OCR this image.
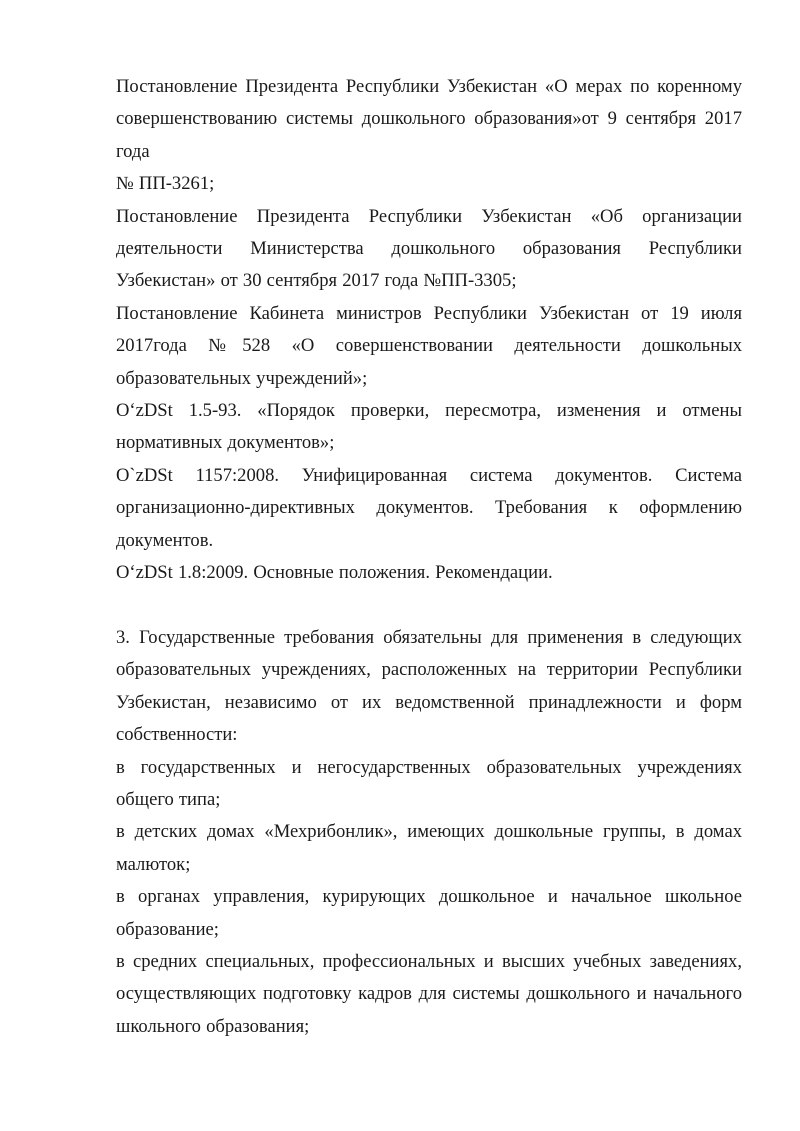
Постановление Президента Республики Узбекистан «О мерах по коренному совершенствованию системы дошкольного образования»от 9 сентября 2017 года

№ ПП-3261;

Постановление Президента Республики Узбекистан «Об организации деятельности Министерства дошкольного образования Республики Узбекистан» от 30 сентября 2017 года №ПП-3305;

Постановление Кабинета министров Республики Узбекистан от 19 июля 2017года №528 «О совершенствовании деятельности дошкольных образовательных учреждений»;

O‘zDSt 1.5-93. «Порядок проверки, пересмотра, изменения и отмены нормативных документов»;

O`zDSt 1157:2008. Унифицированная система документов. Система организационно-директивных документов. Требования к оформлению документов.

O‘zDSt 1.8:2009. Основные положения. Рекомендации.

3. Государственные требования обязательны для применения в следующих образовательных учреждениях, расположенных на территории Республики Узбекистан, независимо от их ведомственной принадлежности и форм собственности:

в государственных и негосударственных образовательных учреждениях общего типа;

в детских домах «Мехрибонлик», имеющих дошкольные группы, в домах малюток;

в органах управления, курирующих дошкольное и начальное школьное образование;

в средних специальных, профессиональных и высших учебных заведениях, осуществляющих подготовку кадров для системы дошкольного и начального школьного образования;
